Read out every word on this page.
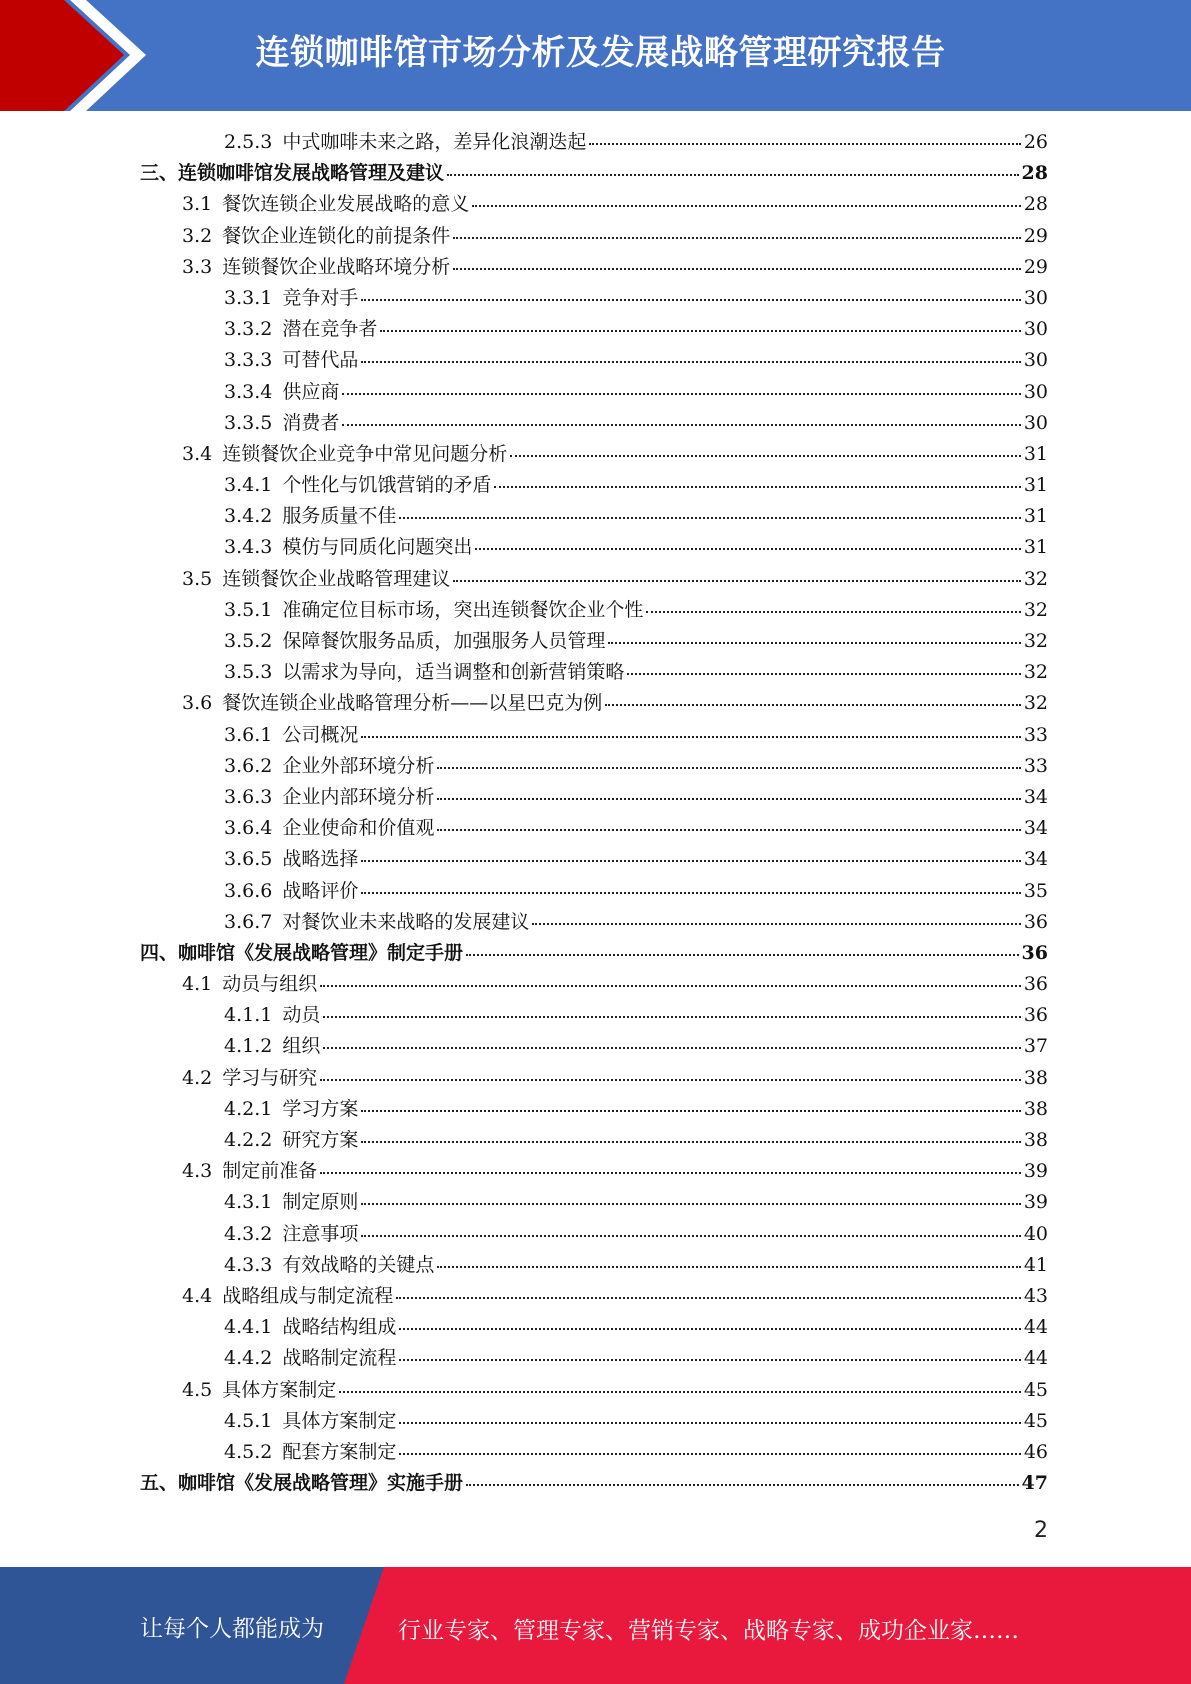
连锁咖啡馆市场分析及发展战略管理研究报告
2.5.3 中式咖啡未来之路，差异化浪潮迭起	26
三、连锁咖啡馆发展战略管理及建议	28
3.1 餐饮连锁企业发展战略的意义	28
3.2 餐饮企业连锁化的前提条件	29
3.3 连锁餐饮企业战略环境分析	29
3.3.1 竞争对手	30
3.3.2 潜在竞争者	30
3.3.3 可替代品	30
3.3.4 供应商	30
3.3.5 消费者	30
3.4 连锁餐饮企业竞争中常见问题分析	31
3.4.1 个性化与饥饿营销的矛盾	31
3.4.2 服务质量不佳	31
3.4.3 模仿与同质化问题突出	31
3.5 连锁餐饮企业战略管理建议	32
3.5.1 准确定位目标市场，突出连锁餐饮企业个性	32
3.5.2 保障餐饮服务品质，加强服务人员管理	32
3.5.3 以需求为导向，适当调整和创新营销策略	32
3.6 餐饮连锁企业战略管理分析——以星巴克为例	32
3.6.1 公司概况	33
3.6.2 企业外部环境分析	33
3.6.3 企业内部环境分析	34
3.6.4 企业使命和价值观	34
3.6.5 战略选择	34
3.6.6 战略评价	35
3.6.7 对餐饮业未来战略的发展建议	36
四、咖啡馆《发展战略管理》制定手册	36
4.1 动员与组织	36
4.1.1 动员	36
4.1.2 组织	37
4.2 学习与研究	38
4.2.1 学习方案	38
4.2.2 研究方案	38
4.3 制定前准备	39
4.3.1 制定原则	39
4.3.2 注意事项	40
4.3.3 有效战略的关键点	41
4.4 战略组成与制定流程	43
4.4.1 战略结构组成	44
4.4.2 战略制定流程	44
4.5 具体方案制定	45
4.5.1 具体方案制定	45
4.5.2 配套方案制定	46
五、咖啡馆《发展战略管理》实施手册	47
2
让每个人都能成为	行业专家、管理专家、营销专家、战略专家、成功企业家……
